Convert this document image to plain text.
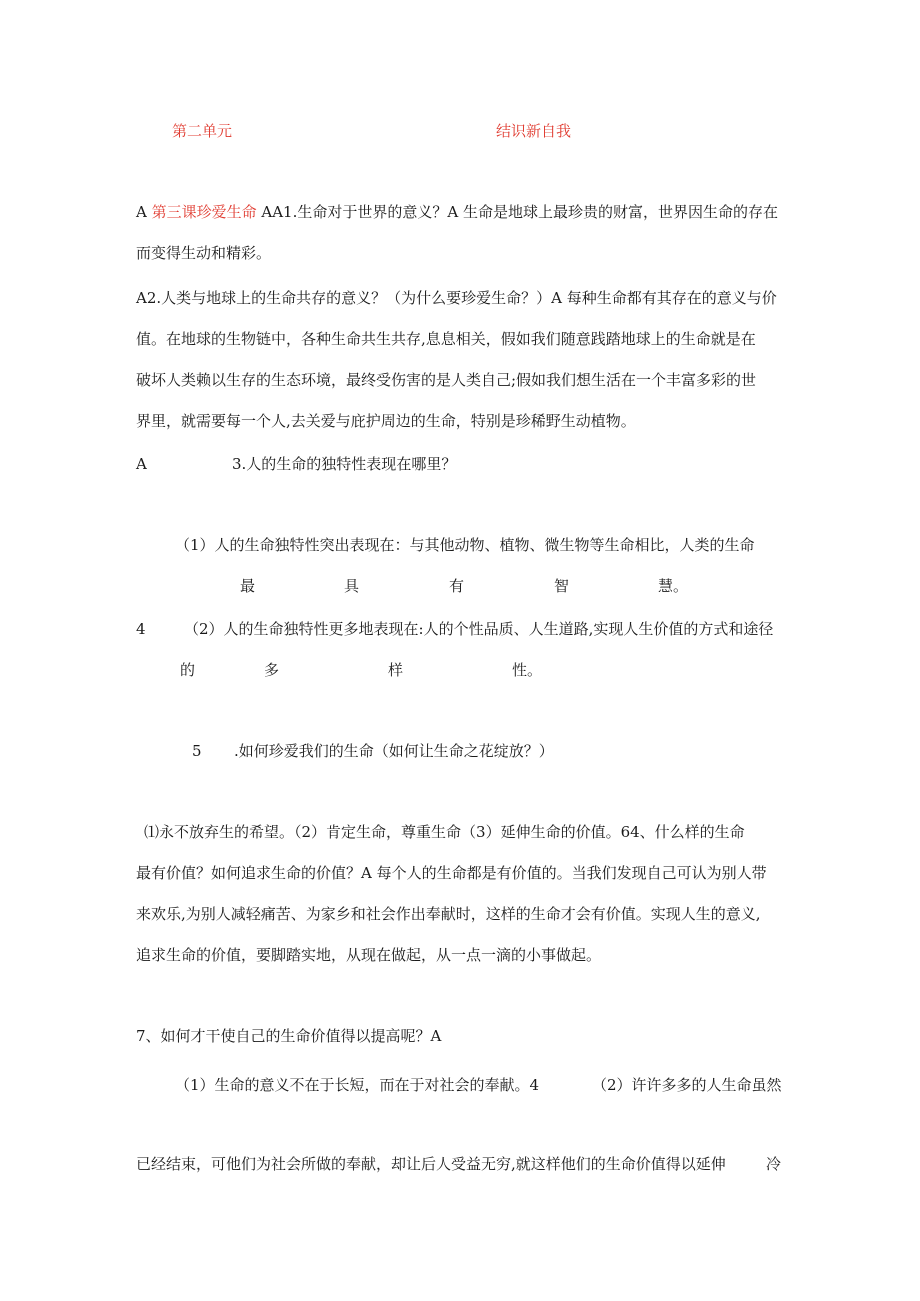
第二单元	结识新自我
A 第三课珍爱生命 AA1.生命对于世界的意义？A 生命是地球上最珍贵的财富，世界因生命的存在
而变得生动和精彩。
A2.人类与地球上的生命共存的意义？（为什么要珍爱生命？）A 每种生命都有其存在的意义与价
值。在地球的生物链中，各种生命共生共存,息息相关，假如我们随意践踏地球上的生命就是在
破坏人类赖以生存的生态环境，最终受伤害的是人类自己;假如我们想生活在一个丰富多彩的世
界里，就需要每一个人,去关爱与庇护周边的生命，特别是珍稀野生动植物。
A	3.人的生命的独特性表现在哪里？
（1）人的生命独特性突出表现在：与其他动物、植物、微生物等生命相比，人类的生命
最	具	有	智	慧。
4	（2）人的生命独特性更多地表现在:人的个性品质、人生道路,实现人生价值的方式和途径
的	多	样	性。
5 .如何珍爱我们的生命（如何让生命之花绽放？）
⑴永不放弃生的希望。（2）肯定生命，尊重生命（3）延伸生命的价值。64、什么样的生命
最有价值？如何追求生命的价值？A 每个人的生命都是有价值的。当我们发现自己可认为别人带
来欢乐,为别人减轻痛苦、为家乡和社会作出奉献时，这样的生命才会有价值。实现人生的意义,
追求生命的价值，要脚踏实地，从现在做起，从一点一滴的小事做起。
7、如何才干使自己的生命价值得以提高呢？A
（1）生命的意义不在于长短，而在于对社会的奉献。4	（2）许许多多的人生命虽然
已经结束，可他们为社会所做的奉献，却让后人受益无穷,就这样他们的生命价值得以延伸	冷
